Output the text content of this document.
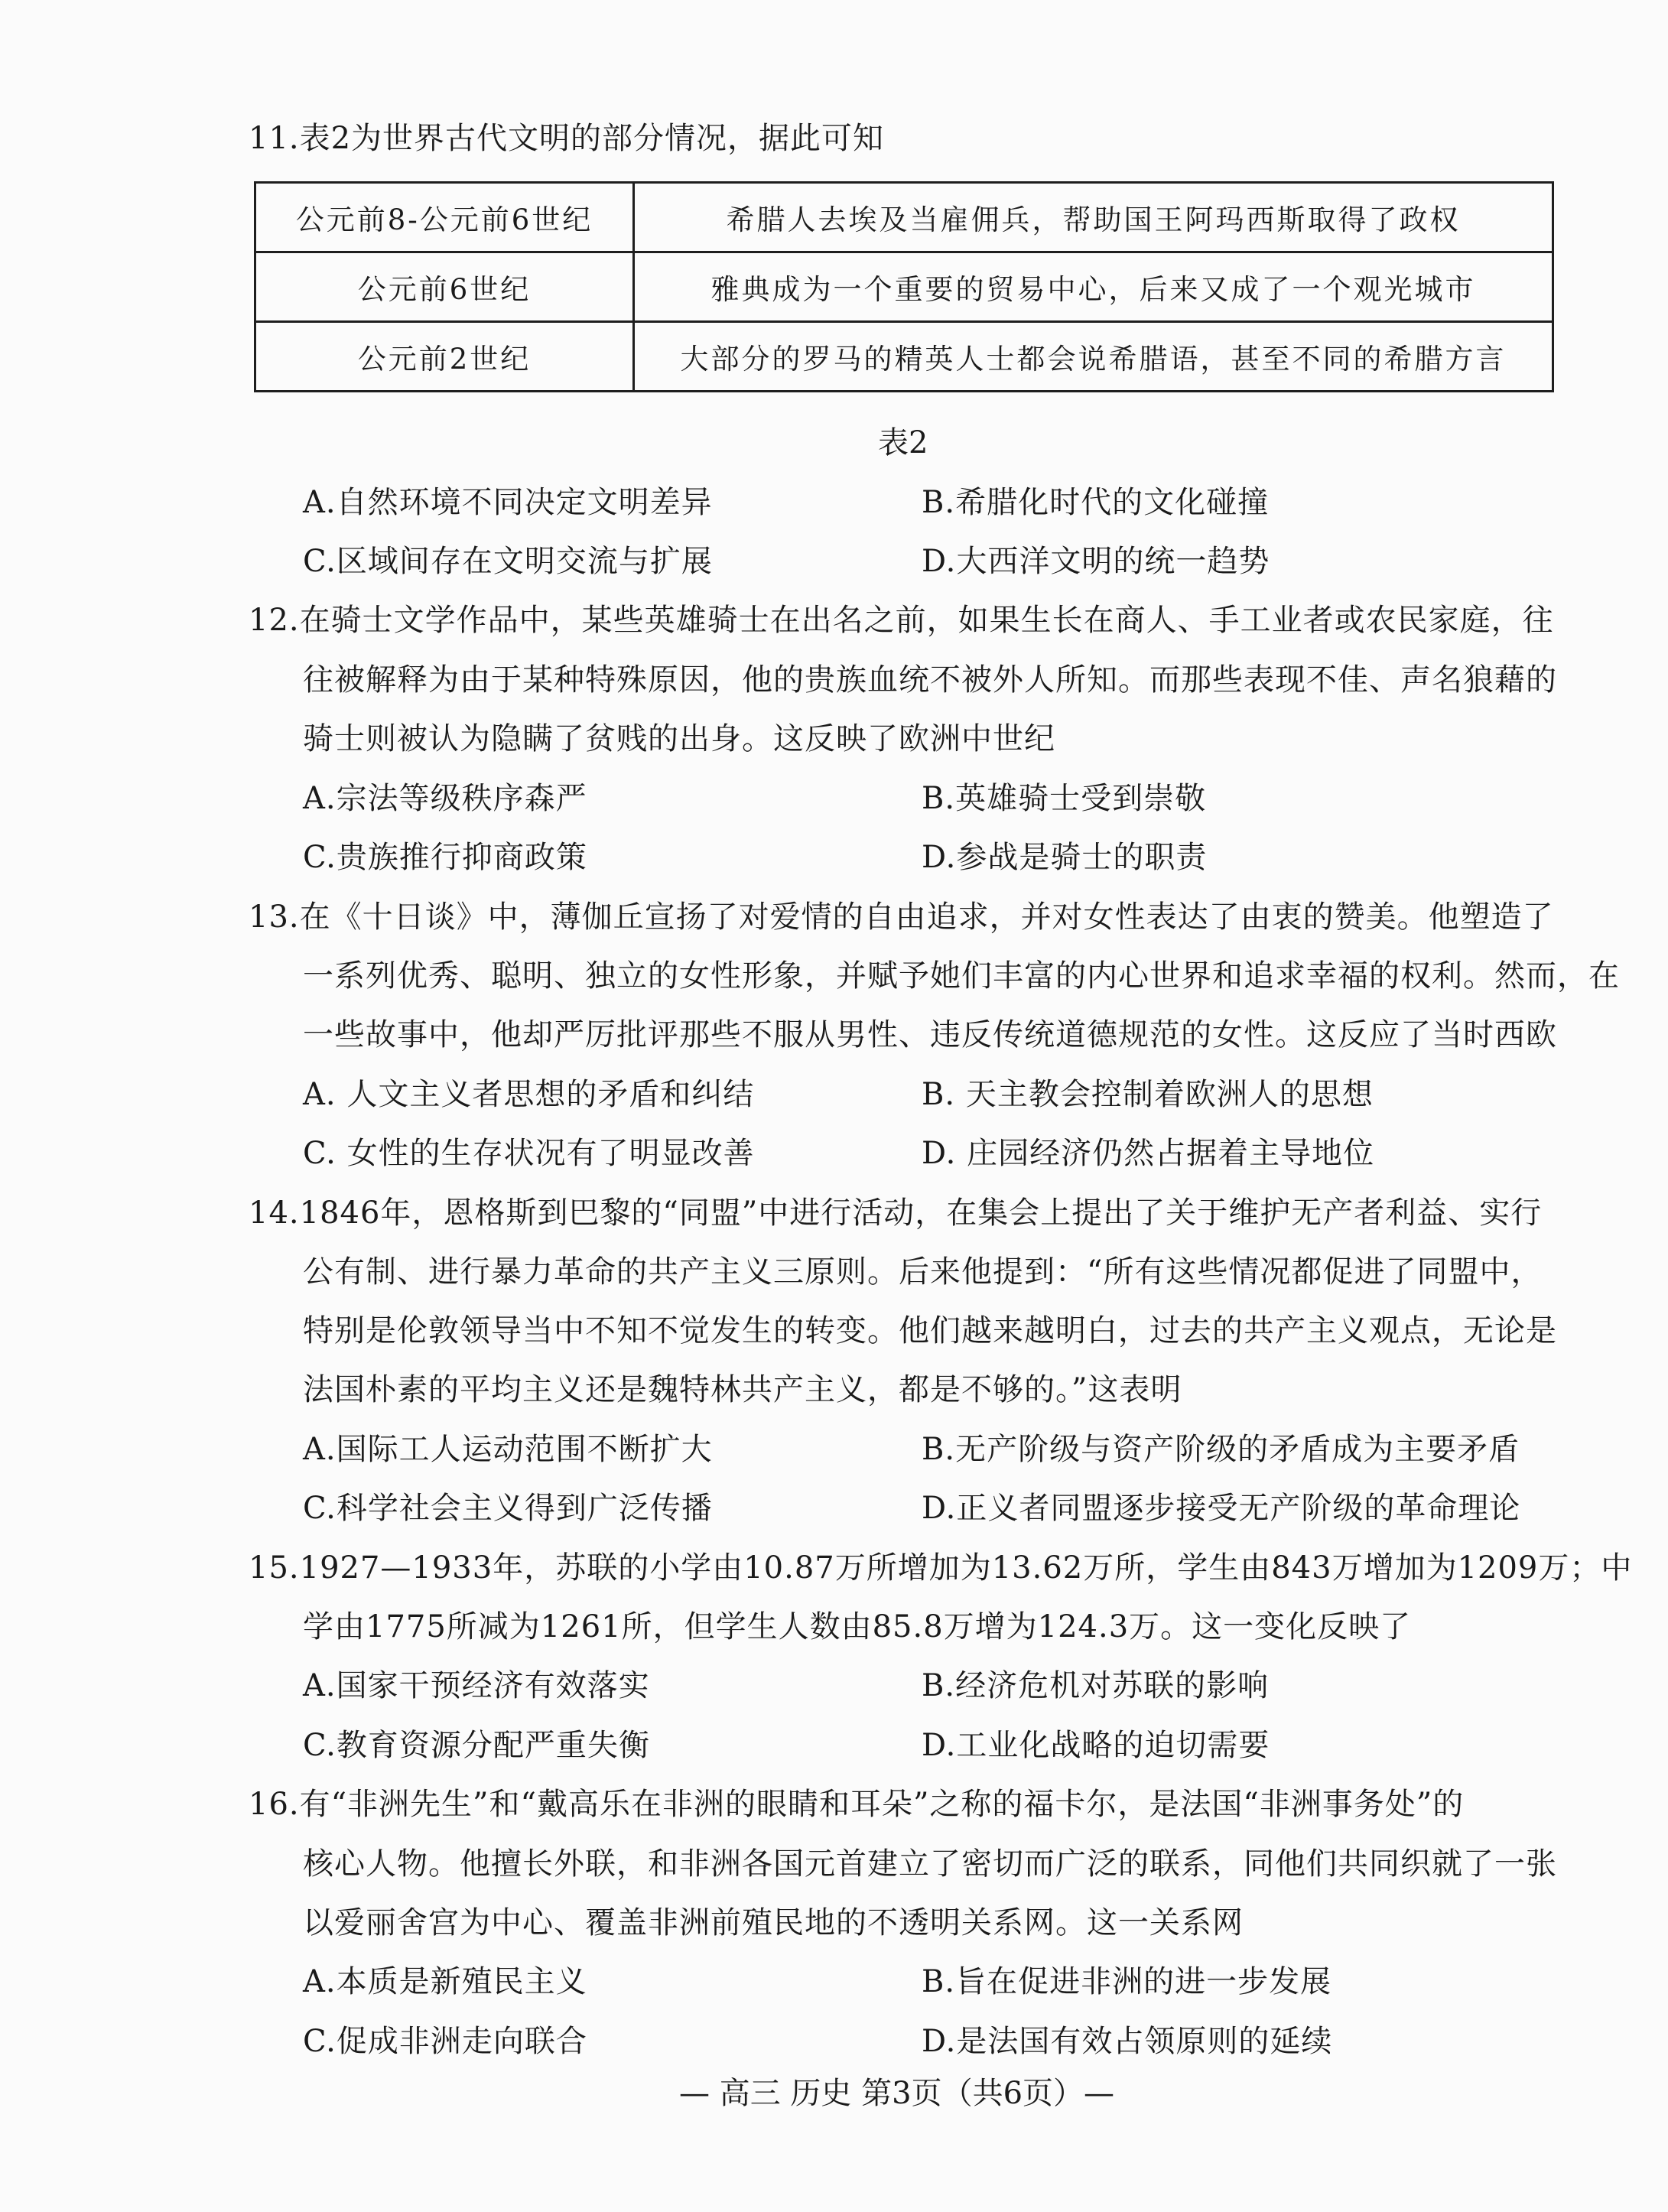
11.表2为世界古代文明的部分情况，据此可知
公元前8-公元前6世纪	希腊人去埃及当雇佣兵，帮助国王阿玛西斯取得了政权
公元前6世纪	雅典成为一个重要的贸易中心，后来又成了一个观光城市
公元前2世纪	大部分的罗马的精英人士都会说希腊语，甚至不同的希腊方言
表2
A.自然环境不同决定文明差异	B.希腊化时代的文化碰撞
C.区域间存在文明交流与扩展	D.大西洋文明的统一趋势
12.在骑士文学作品中，某些英雄骑士在出名之前，如果生长在商人、手工业者或农民家庭，往
往被解释为由于某种特殊原因，他的贵族血统不被外人所知。而那些表现不佳、声名狼藉的
骑士则被认为隐瞒了贫贱的出身。这反映了欧洲中世纪
A.宗法等级秩序森严	B.英雄骑士受到崇敬
C.贵族推行抑商政策	D.参战是骑士的职责
13.在《十日谈》中，薄伽丘宣扬了对爱情的自由追求，并对女性表达了由衷的赞美。他塑造了
一系列优秀、聪明、独立的女性形象，并赋予她们丰富的内心世界和追求幸福的权利。然而，在
一些故事中，他却严厉批评那些不服从男性、违反传统道德规范的女性。这反应了当时西欧
A. 人文主义者思想的矛盾和纠结	B. 天主教会控制着欧洲人的思想
C. 女性的生存状况有了明显改善	D. 庄园经济仍然占据着主导地位
14.1846年，恩格斯到巴黎的“同盟”中进行活动，在集会上提出了关于维护无产者利益、实行
公有制、进行暴力革命的共产主义三原则。后来他提到：“所有这些情况都促进了同盟中，
特别是伦敦领导当中不知不觉发生的转变。他们越来越明白，过去的共产主义观点，无论是
法国朴素的平均主义还是魏特林共产主义，都是不够的。”这表明
A.国际工人运动范围不断扩大	B.无产阶级与资产阶级的矛盾成为主要矛盾
C.科学社会主义得到广泛传播	D.正义者同盟逐步接受无产阶级的革命理论
15.1927—1933年，苏联的小学由10.87万所增加为13.62万所，学生由843万增加为1209万；中
学由1775所减为1261所，但学生人数由85.8万增为124.3万。这一变化反映了
A.国家干预经济有效落实	B.经济危机对苏联的影响
C.教育资源分配严重失衡	D.工业化战略的迫切需要
16.有“非洲先生”和“戴高乐在非洲的眼睛和耳朵”之称的福卡尔，是法国“非洲事务处”的
核心人物。他擅长外联，和非洲各国元首建立了密切而广泛的联系，同他们共同织就了一张
以爱丽舍宫为中心、覆盖非洲前殖民地的不透明关系网。这一关系网
A.本质是新殖民主义	B.旨在促进非洲的进一步发展
C.促成非洲走向联合	D.是法国有效占领原则的延续
— 高三 历史 第3页（共6页）—
